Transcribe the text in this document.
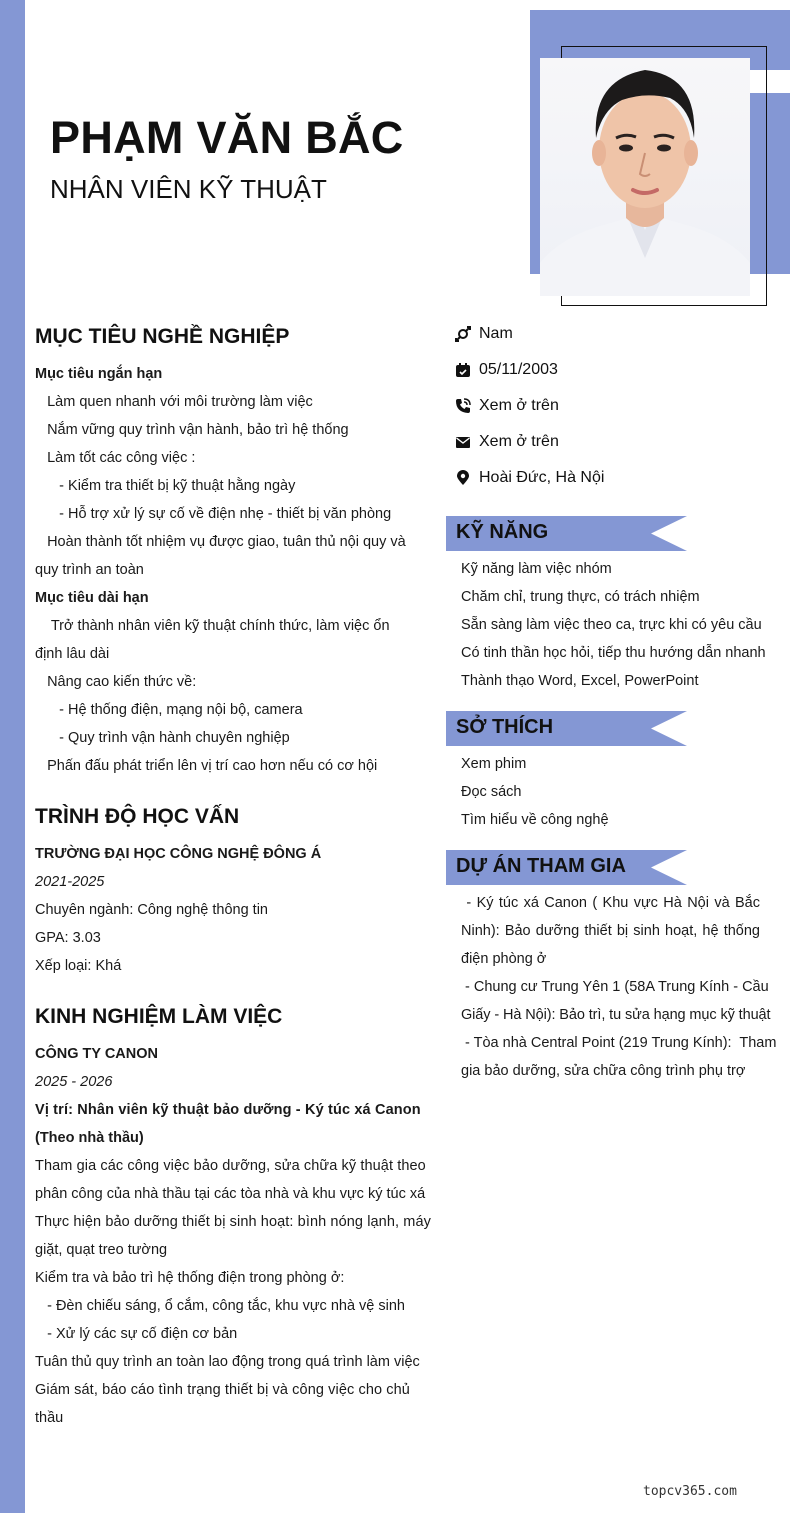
PHẠM VĂN BẮC
NHÂN VIÊN KỸ THUẬT
MỤC TIÊU NGHỀ NGHIỆP
Mục tiêu ngắn hạn
Làm quen nhanh với môi trường làm việc
Nắm vững quy trình vận hành, bảo trì hệ thống
Làm tốt các công việc :
- Kiểm tra thiết bị kỹ thuật hằng ngày
- Hỗ trợ xử lý sự cố về điện nhẹ - thiết bị văn phòng
Hoàn thành tốt nhiệm vụ được giao, tuân thủ nội quy và
quy trình an toàn
Mục tiêu dài hạn
Trở thành nhân viên kỹ thuật chính thức, làm việc ổn
định lâu dài
Nâng cao kiến thức về:
- Hệ thống điện, mạng nội bộ, camera
- Quy trình vận hành chuyên nghiệp
Phấn đấu phát triển lên vị trí cao hơn nếu có cơ hội
TRÌNH ĐỘ HỌC VẤN
TRƯỜNG ĐẠI HỌC CÔNG NGHỆ ĐÔNG Á
2021-2025
Chuyên ngành: Công nghệ thông tin
GPA: 3.03
Xếp loại: Khá
KINH NGHIỆM LÀM VIỆC
CÔNG TY CANON
2025 - 2026
Vị trí: Nhân viên kỹ thuật bảo dưỡng - Ký túc xá Canon
(Theo nhà thầu)
Tham gia các công việc bảo dưỡng, sửa chữa kỹ thuật theo
phân công của nhà thầu tại các tòa nhà và khu vực ký túc xá
Thực hiện bảo dưỡng thiết bị sinh hoạt: bình nóng lạnh, máy
giặt, quạt treo tường
Kiểm tra và bảo trì hệ thống điện trong phòng ở:
- Đèn chiếu sáng, ổ cắm, công tắc, khu vực nhà vệ sinh
- Xử lý các sự cố điện cơ bản
Tuân thủ quy trình an toàn lao động trong quá trình làm việc
Giám sát, báo cáo tình trạng thiết bị và công việc cho chủ
thầu
Nam
05/11/2003
Xem ở trên
Xem ở trên
Hoài Đức, Hà Nội
KỸ NĂNG
Kỹ năng làm việc nhóm
Chăm chỉ, trung thực, có trách nhiệm
Sẵn sàng làm việc theo ca, trực khi có yêu cầu
Có tinh thần học hỏi, tiếp thu hướng dẫn nhanh
Thành thạo Word, Excel, PowerPoint
SỞ THÍCH
Xem phim
Đọc sách
Tìm hiểu về công nghệ
DỰ ÁN THAM GIA
- Ký túc xá Canon ( Khu vực Hà Nội và Bắc
Ninh): Bảo dưỡng thiết bị sinh hoạt, hệ thống
điện phòng ở
- Chung cư Trung Yên 1 (58A Trung Kính - Cầu
Giấy - Hà Nội): Bảo trì, tu sửa hạng mục kỹ thuật
- Tòa nhà Central Point (219 Trung Kính):  Tham
gia bảo dưỡng, sửa chữa công trình phụ trợ
topcv365.com
